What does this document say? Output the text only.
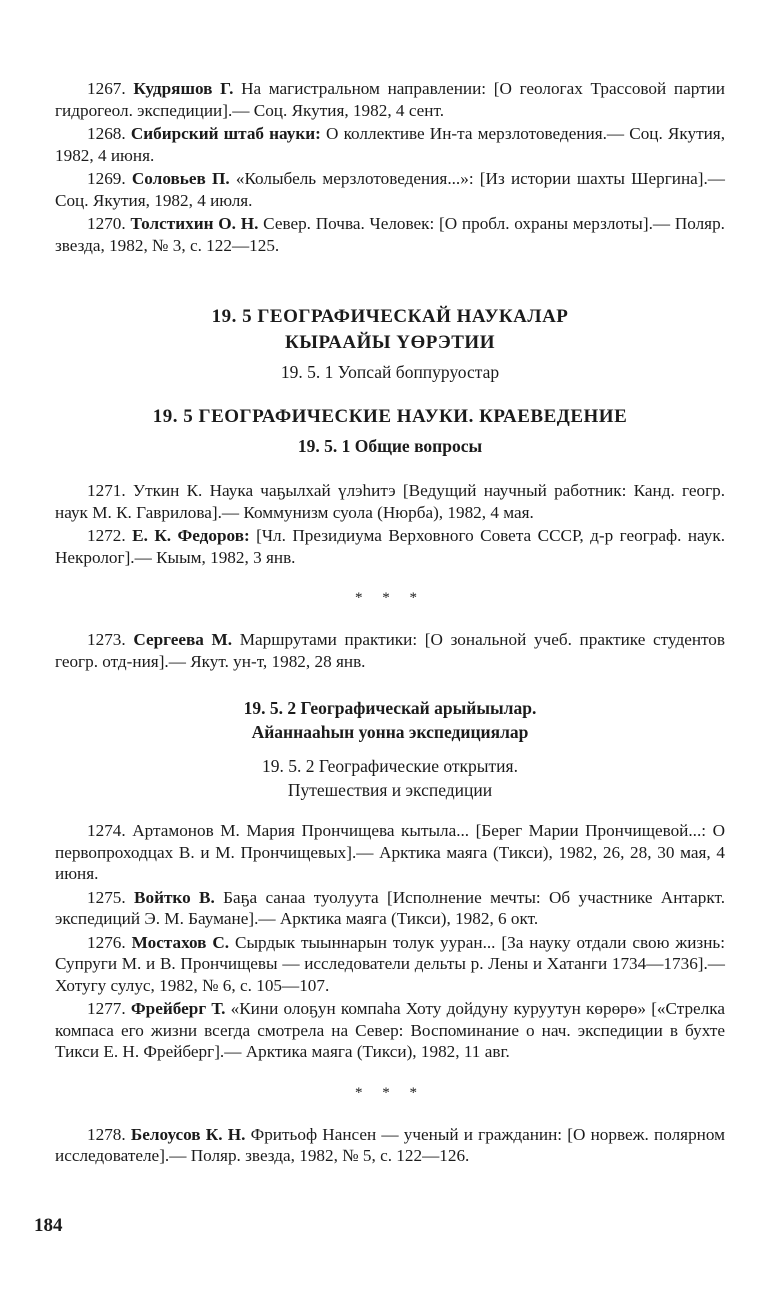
1267. Кудряшов Г. На магистральном направлении: [О геологах Трассовой партии гидрогеол. экспедиции].— Соц. Якутия, 1982, 4 сент.

1268. Сибирский штаб науки: О коллективе Ин-та мерзлотоведения.— Соц. Якутия, 1982, 4 июня.

1269. Соловьев П. «Колыбель мерзлотоведения...»: [Из истории шахты Шергина].— Соц. Якутия, 1982, 4 июля.

1270. Толстихин О. Н. Север. Почва. Человек: [О пробл. охраны мерзлоты].— Поляр. звезда, 1982, № 3, с. 122—125.

19. 5 ГЕОГРАФИЧЕСКАЙ НАУКАЛАР

КЫРААЙЫ ҮӨРЭТИИ

19. 5. 1 Уопсай боппуруостар

19. 5 ГЕОГРАФИЧЕСКИЕ НАУКИ. КРАЕВЕДЕНИЕ

19. 5. 1 Общие вопросы

1271. Уткин К. Наука чаҕылхай үлэһитэ [Ведущий научный работник: Канд. геогр. наук М. К. Гаврилова].— Коммунизм суола (Нюрба), 1982, 4 мая.

1272. Е. К. Федоров: [Чл. Президиума Верховного Совета СССР, д-р географ. наук. Некролог].— Кыым, 1982, 3 янв.

* * *

1273. Сергеева М. Маршрутами практики: [О зональной учеб. практике студентов геогр. отд-ния].— Якут. ун-т, 1982, 28 янв.

19. 5. 2 Географическай арыйыылар.

Айаннааһын уонна экспедициялар

19. 5. 2 Географические открытия.

Путешествия и экспедиции

1274. Артамонов М. Мария Прончищева кытыла... [Берег Марии Прончищевой...: О первопроходцах В. и М. Прончищевых].— Арктика маяга (Тикси), 1982, 26, 28, 30 мая, 4 июня.

1275. Войтко В. Баҕа санаа туолуута [Исполнение мечты: Об участнике Антаркт. экспедиций Э. М. Баумане].— Арктика маяга (Тикси), 1982, 6 окт.

1276. Мостахов С. Сырдык тыыннарын толук ууран... [За науку отдали свою жизнь: Супруги М. и В. Прончищевы — исследователи дельты р. Лены и Хатанги 1734—1736].— Хотугу сулус, 1982, № 6, с. 105—107.

1277. Фрейберг Т. «Кини олоҕун компаһа Хоту дойдуну куруутун көрөрө» [«Стрелка компаса его жизни всегда смотрела на Север: Воспоминание о нач. экспедиции в бухте Тикси Е. Н. Фрейберг].— Арктика маяга (Тикси), 1982, 11 авг.

* * *

1278. Белоусов К. Н. Фритьоф Нансен — ученый и гражданин: [О норвеж. полярном исследователе].— Поляр. звезда, 1982, № 5, с. 122—126.

184
